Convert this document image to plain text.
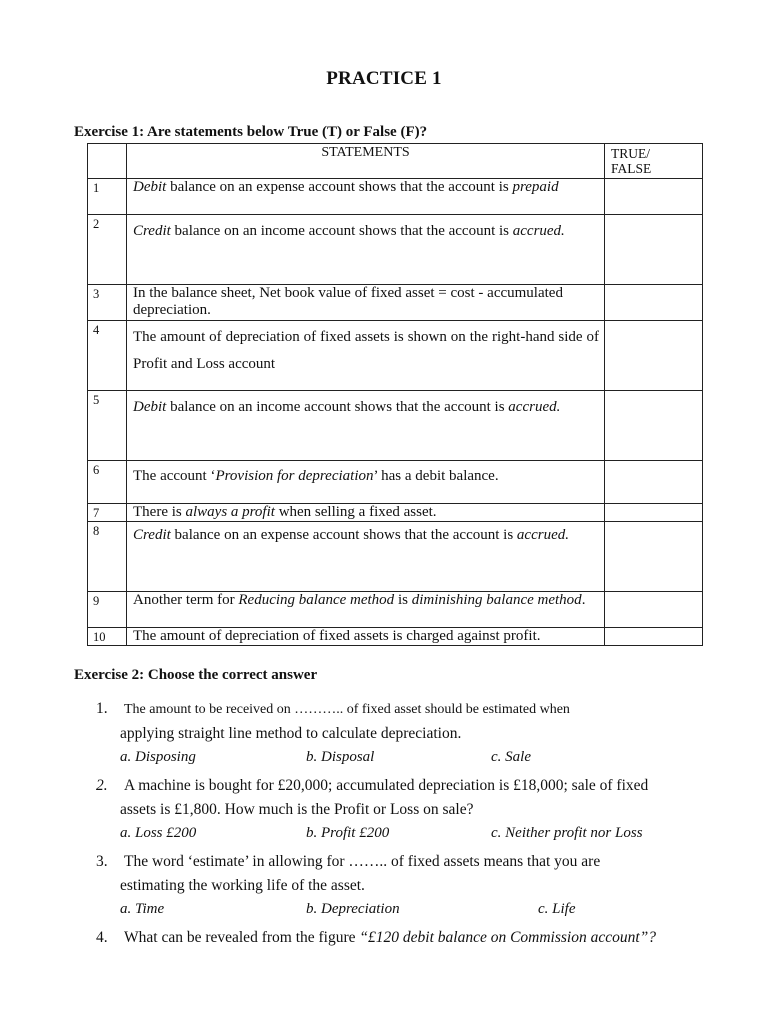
PRACTICE 1
Exercise 1: Are statements below True (T) or False (F)?
	STATEMENTS	TRUE/
FALSE

1	Debit balance on an expense account shows that the account is prepaid	
2	Credit balance on an income account shows that the account is accrued.	
3	In the balance sheet, Net book value of fixed asset = cost - accumulated depreciation.	
4	The amount of depreciation of fixed assets is shown on the right-hand side of Profit and Loss account	
5	Debit balance on an income account shows that the account is accrued.	
6	The account ‘Provision for depreciation’ has a debit balance.	
7	There is always a profit when selling a fixed asset.	
8	Credit balance on an expense account shows that the account is accrued.	
9	Another term for Reducing balance method is diminishing balance method.	
10	The amount of depreciation of fixed assets is charged against profit.	
Exercise 2: Choose the correct answer
1. The amount to be received on ……….. of fixed asset should be estimated when
applying straight line method to calculate depreciation.
a. Disposing	b. Disposal	c. Sale
2. A machine is bought for £20,000; accumulated depreciation is £18,000; sale of fixed
assets is £1,800. How much is the Profit or Loss on sale?
a. Loss £200	b. Profit £200	c. Neither profit nor Loss
3. The word ‘estimate’ in allowing for …….. of fixed assets means that you are
estimating the working life of the asset.
a. Time	b. Depreciation	c. Life
4. What can be revealed from the figure “£120 debit balance on Commission account”?
